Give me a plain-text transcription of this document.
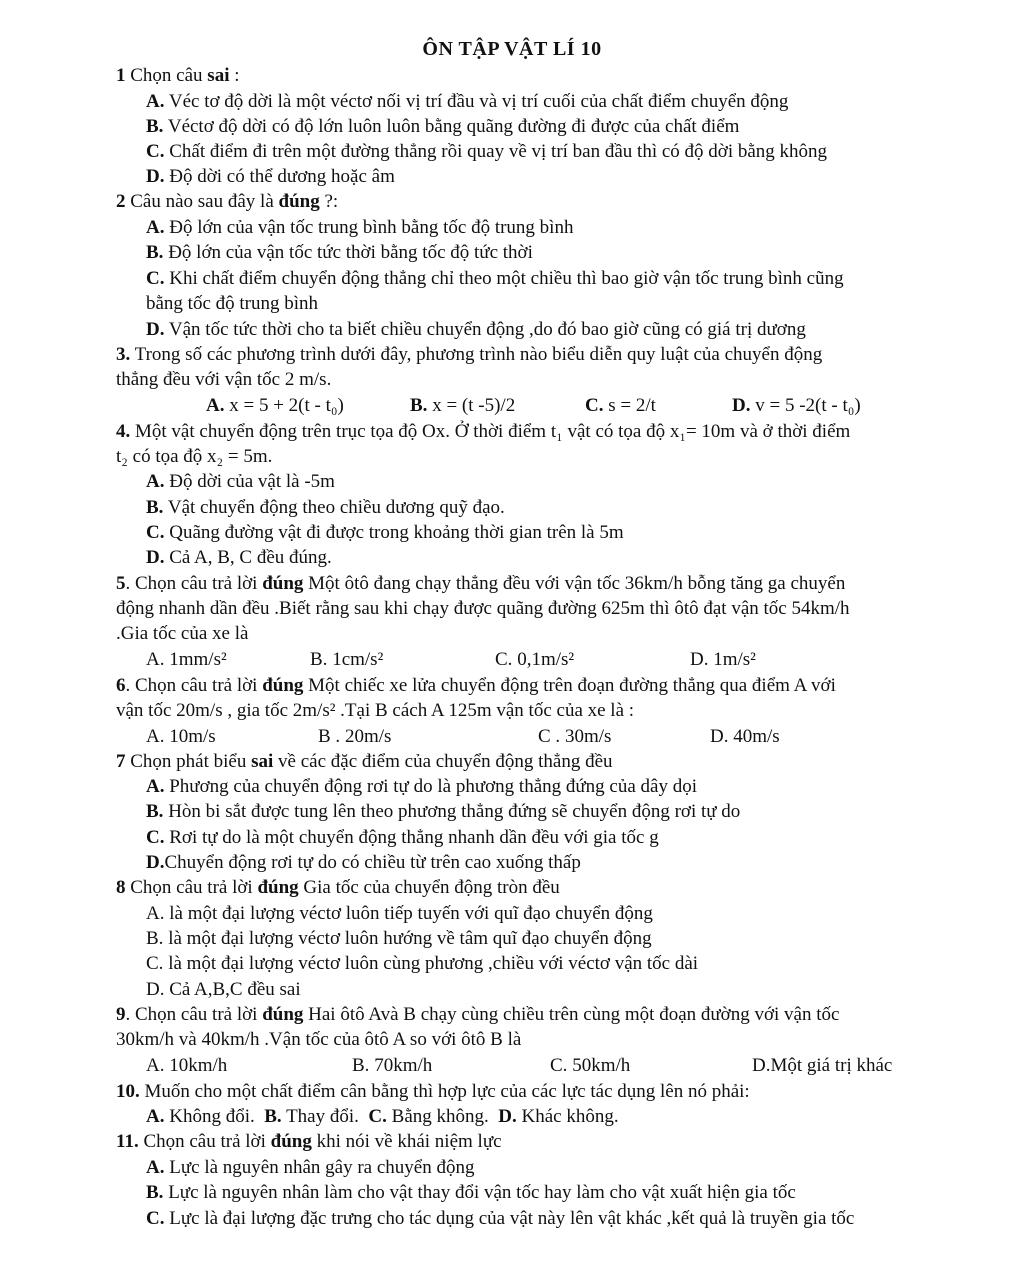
ÔN TẬP VẬT LÍ 10
1 Chọn câu sai :
A. Véc tơ độ dời là một véctơ nối vị trí đầu và vị trí cuối của chất điểm chuyển động
B. Véctơ độ dời có độ lớn luôn luôn bằng quãng đường đi được của chất điểm
C. Chất điểm đi trên một đường thẳng rồi quay về vị trí ban đầu thì có độ dời bằng không
D. Độ dời có thể dương hoặc âm
2 Câu nào sau đây là đúng ?:
A. Độ lớn của vận tốc trung bình bằng tốc độ trung bình
B. Độ lớn của vận tốc tức thời bằng tốc độ tức thời
C. Khi chất điểm chuyển động thẳng chỉ theo một chiều thì bao giờ vận tốc trung bình cũng
bằng tốc độ trung bình
D. Vận tốc tức thời cho ta biết chiều chuyển động ,do đó bao giờ cũng có giá trị dương
3. Trong số các phương trình dưới đây, phương trình nào biểu diễn quy luật của chuyển động
thẳng đều với vận tốc 2 m/s.
A. x = 5 + 2(t - t₀)	B. x = (t -5)/2	C. s = 2/t	D. v = 5 -2(t - t₀)
4. Một vật chuyển động trên trục tọa độ Ox. Ở thời điểm t₁ vật có tọa độ x₁= 10m và ở thời điểm
t₂ có tọa độ x₂ = 5m.
A. Độ dời của vật là -5m
B. Vật chuyển động theo chiều dương quỹ đạo.
C. Quãng đường vật đi được trong khoảng thời gian trên là 5m
D. Cả A, B, C đều đúng.
5. Chọn câu trả lời đúng Một ôtô đang chạy thẳng đều với vận tốc 36km/h bỗng tăng ga chuyển
động nhanh dần đều .Biết rằng sau khi chạy được quãng đường 625m thì ôtô đạt vận tốc 54km/h
.Gia tốc của xe là
A. 1mm/s²	B. 1cm/s²	C. 0,1m/s²	D. 1m/s²
6. Chọn câu trả lời đúng Một chiếc xe lửa chuyển động trên đoạn đường thẳng qua điểm A với
vận tốc 20m/s , gia tốc 2m/s² .Tại B cách A 125m vận tốc của xe là :
A. 10m/s	B . 20m/s	C . 30m/s	D. 40m/s
7 Chọn phát biểu sai về các đặc điểm của chuyển động thẳng đều
A. Phương của chuyển động rơi tự do là phương thẳng đứng của dây dọi
B. Hòn bi sắt được tung lên theo phương thẳng đứng sẽ chuyển động rơi tự do
C. Rơi tự do là một chuyển động thẳng nhanh dần đều với gia tốc g
D.Chuyển động rơi tự do có chiều từ trên cao xuống thấp
8 Chọn câu trả lời đúng Gia tốc của chuyển động tròn đều
A. là một đại lượng véctơ luôn tiếp tuyến với quĩ đạo chuyển động
B. là một đại lượng véctơ luôn hướng về tâm quĩ đạo chuyển động
C. là một đại lượng véctơ luôn cùng phương ,chiều với véctơ vận tốc dài
D. Cả A,B,C đều sai
9. Chọn câu trả lời đúng Hai ôtô Avà B chạy cùng chiều trên cùng một đoạn đường với vận tốc
30km/h và 40km/h .Vận tốc của ôtô A so với ôtô B là
A. 10km/h	B. 70km/h	C. 50km/h	D.Một giá trị khác
10. Muốn cho một chất điểm cân bằng thì hợp lực của các lực tác dụng lên nó phải:
A. Không đổi. B. Thay đổi. C. Bằng không. D. Khác không.
11. Chọn câu trả lời đúng khi nói về khái niệm lực
A. Lực là nguyên nhân gây ra chuyển động
B. Lực là nguyên nhân làm cho vật thay đổi vận tốc hay làm cho vật xuất hiện gia tốc
C. Lực là đại lượng đặc trưng cho tác dụng của vật này lên vật khác ,kết quả là truyền gia tốc
